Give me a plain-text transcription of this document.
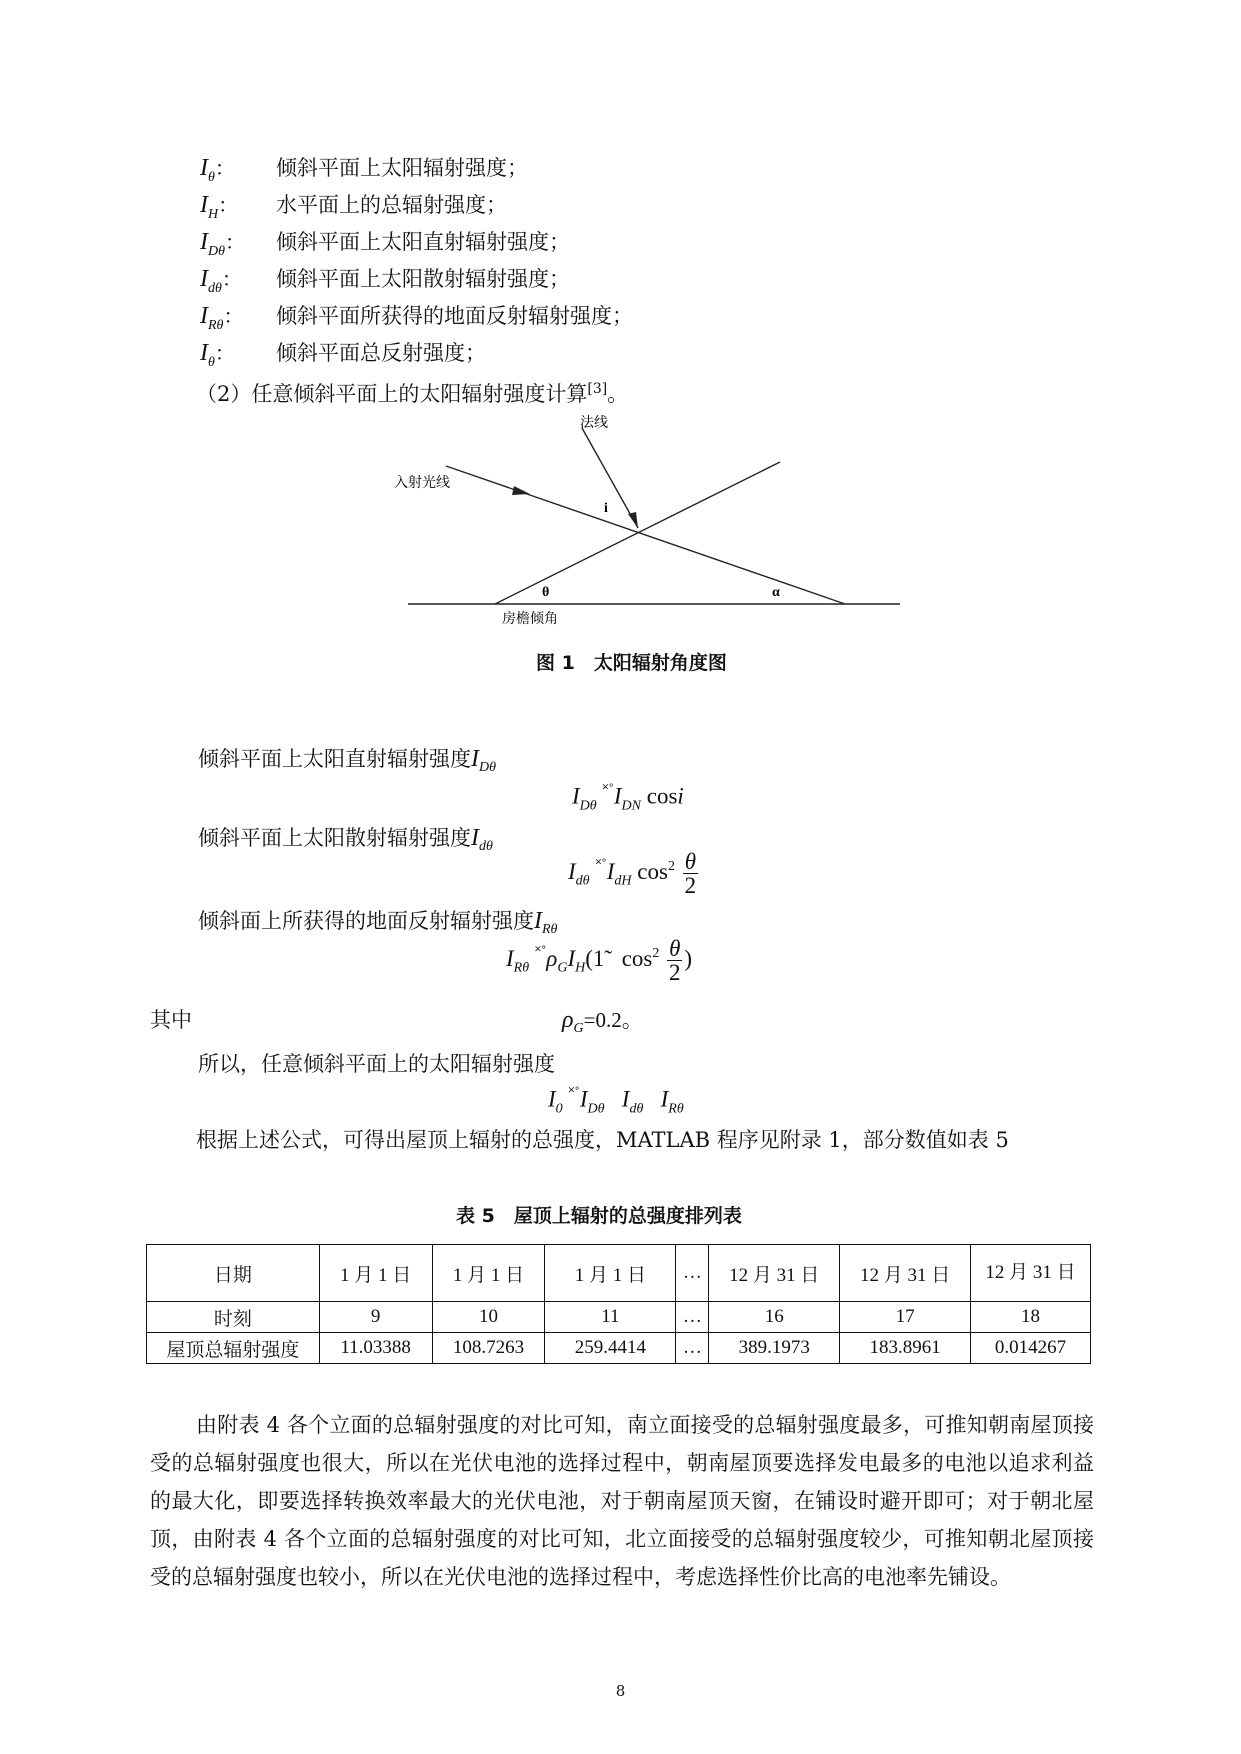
$I_\theta$：	倾斜平面上太阳辐射强度；
$I_H$：	水平面上的总辐射强度；
$I_{D\theta}$：	倾斜平面上太阳直射辐射强度；
$I_{d\theta}$：	倾斜平面上太阳散射辐射强度；
$I_{R\theta}$：	倾斜平面所获得的地面反射辐射强度；
$I_\theta$：	倾斜平面总反射强度；
（2）任意倾斜平面上的太阳辐射强度计算[3]。
法线
入射光线
i
θ	α
房檐倾角
图 1　太阳辐射角度图
倾斜平面上太阳直射辐射强度$I_{D\theta}$
$I_{D\theta}$ $^{˟˚}I_{DN}$ cosi
倾斜平面上太阳散射辐射强度$I_{d\theta}$
$I_{d\theta}$ $^{˟˚}I_{dH}$ $\cos^2 \frac{\theta}{2}$
倾斜面上所获得的地面反射辐射强度$I_{R\theta}$
$I_{R\theta}$ $^{˟˚}\rho_GI_H(1̃$ $\cos^2 \frac{\theta}{2}$ )
其中	$\rho_G=0.2$。
所以，任意倾斜平面上的太阳辐射强度
$I_0$ $^{˟˚}I_{D\theta}$ $I_{d\theta}$ $I_{R\theta}$
根据上述公式，可得出屋顶上辐射的总强度，MATLAB 程序见附录 1，部分数值如表 5
表 5　屋顶上辐射的总强度排列表
日期	1 月 1 日	1 月 1 日	1 月 1 日	…	12 月 31 日	12 月 31 日	12 月 31 日
时刻	9	10	11	…	16	17	18
屋顶总辐射强度	11.03388	108.7263	259.4414	…	389.1973	183.8961	0.014267
由附表 4 各个立面的总辐射强度的对比可知，南立面接受的总辐射强度最多，可推知朝南屋顶接受的总辐射强度也很大，所以在光伏电池的选择过程中，朝南屋顶要选择发电最多的电池以追求利益的最大化，即要选择转换效率最大的光伏电池，对于朝南屋顶天窗，在铺设时避开即可；对于朝北屋顶，由附表 4 各个立面的总辐射强度的对比可知，北立面接受的总辐射强度较少，可推知朝北屋顶接受的总辐射强度也较小，所以在光伏电池的选择过程中，考虑选择性价比高的电池率先铺设。
8
